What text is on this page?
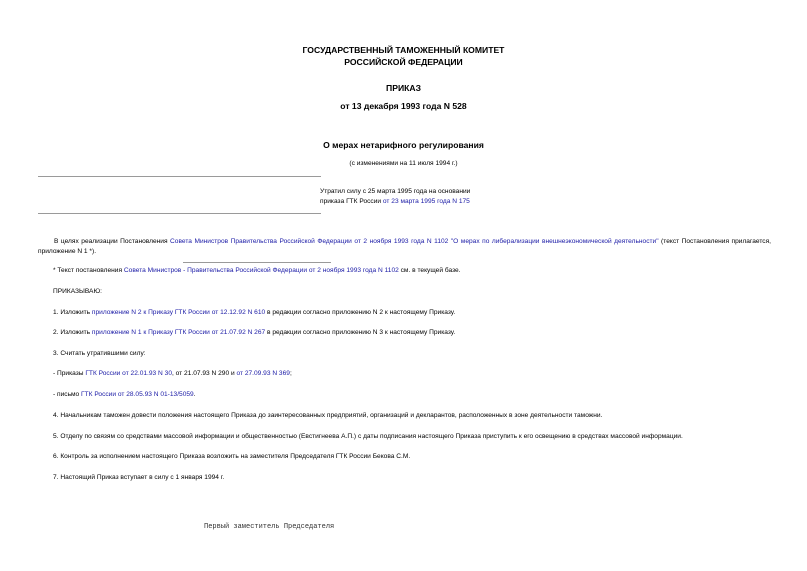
ГОСУДАРСТВЕННЫЙ ТАМОЖЕННЫЙ КОМИТЕТ
РОССИЙСКОЙ ФЕДЕРАЦИИ
ПРИКАЗ
от 13 декабря 1993 года N 528
О мерах нетарифного регулирования
(с изменениями на 11 июля 1994 г.)
Утратил силу с 25 марта 1995 года на основании
приказа ГТК России от 23 марта 1995 года N 175
В целях реализации Постановления Совета Министров Правительства Российской Федерации от 2 ноября 1993 года N 1102 "О мерах по либерализации внешнеэкономической деятельности" (текст Постановления прилагается, приложение N 1 *).
* Текст постановления Совета Министров - Правительства Российской Федерации от 2 ноября 1993 года N 1102 см. в текущей базе.
ПРИКАЗЫВАЮ:
1. Изложить приложение N 2 к Приказу ГТК России от 12.12.92 N 610 в редакции согласно приложению N 2 к настоящему Приказу.
2. Изложить приложение N 1 к Приказу ГТК России от 21.07.92 N 267 в редакции согласно приложению N 3 к настоящему Приказу.
3. Считать утратившими силу:
- Приказы ГТК России от 22.01.93 N 30, от 21.07.93 N 290 и от 27.09.93 N 369;
- письмо ГТК России от 28.05.93 N 01-13/5059.
4. Начальникам таможен довести положения настоящего Приказа до заинтересованных предприятий, организаций и декларантов, расположенных в зоне деятельности таможни.
5. Отделу по связям со средствами массовой информации и общественностью (Евстигнеева А.П.) с даты подписания настоящего Приказа приступить к его освещению в средствах массовой информации.
6. Контроль за исполнением настоящего Приказа возложить на заместителя Председателя ГТК России Бекова С.М.
7. Настоящий Приказ вступает в силу с 1 января 1994 г.
Первый заместитель Председателя
